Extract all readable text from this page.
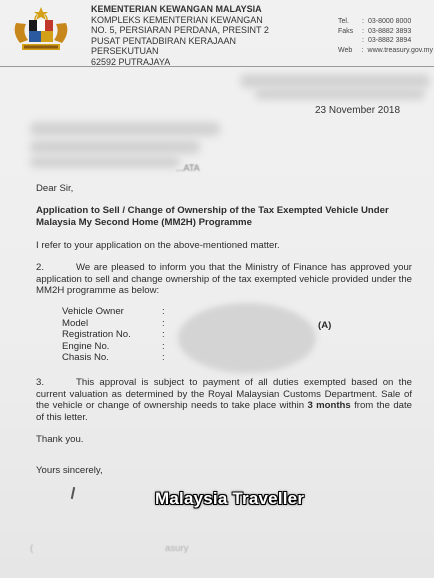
KEMENTERIAN KEWANGAN MALAYSIA
KOMPLEKS KEMENTERIAN KEWANGAN
NO. 5, PERSIARAN PERDANA, PRESINT 2
PUSAT PENTADBIRAN KERAJAAN PERSEKUTUAN
62592 PUTRAJAYA
Tel.	: 03-8000 8000
Faks	: 03-8882 3893
: 03-8882 3894
Web	: www.treasury.gov.my
23 November 2018
...ATA
Dear Sir,
Application to Sell / Change of Ownership of the Tax Exempted Vehicle Under Malaysia My Second Home (MM2H) Programme
I refer to your application on the above-mentioned matter.
2.	We are pleased to inform you that the Ministry of Finance has approved your application to sell and change ownership of the tax exempted vehicle provided under the MM2H programme as below:
Vehicle Owner	:
Model	:
Registration No.	:
Engine No.	:
Chasis No.	:
(A)
3.	This approval is subject to payment of all duties exempted based on the current valuation as determined by the Royal Malaysian Customs Department. Sale of the vehicle or change of ownership needs to take place within 3 months from the date of this letter.
Thank you.
Yours sincerely,
Malaysia Traveller
(	asury
